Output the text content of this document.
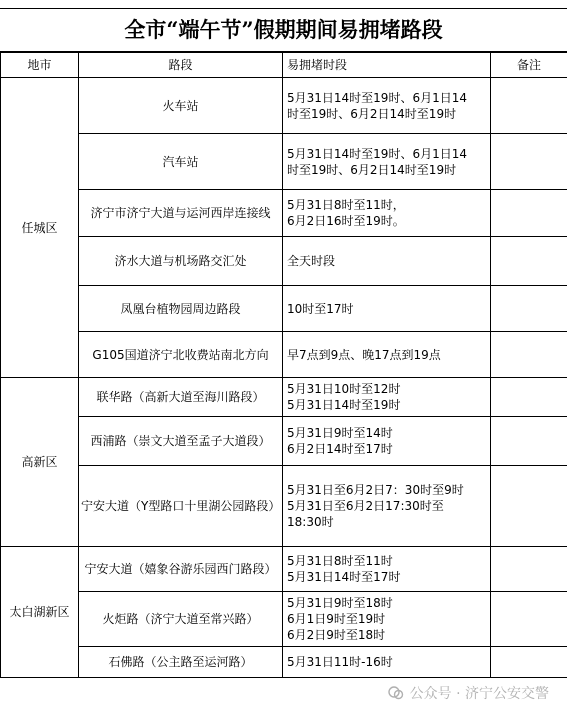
全市“端午节”假期期间易拥堵路段
地市	路段	易拥堵时段	备注
任城区	火车站	5月31日14时至19时、6月1日14
时至19时、6月2日14时至19时	

	汽车站	5月31日14时至19时、6月1日14
时至19时、6月2日14时至19时	

	济宁市济宁大道与运河西岸连接线	5月31日8时至11时，
6月2日16时至19时。	

	济水大道与机场路交汇处	全天时段	

	凤凰台植物园周边路段	10时至17时	

	G105国道济宁北收费站南北方向	早7点到9点、晚17点到19点	

高新区	联华路（高新大道至海川路段）	5月31日10时至12时
5月31日14时至19时	

	西浦路（崇文大道至孟子大道段）	5月31日9时至14时
6月2日14时至17时	

	宁安大道（Y型路口十里湖公园路段）	5月31日至6月2日7：30时至9时
5月31日至6月2日17:30时至
18:30时	

太白湖新区	宁安大道（嬉象谷游乐园西门路段）	5月31日8时至11时
5月31日14时至17时	

	火炬路（济宁大道至常兴路）	5月31日9时至18时
6月1日9时至19时
6月2日9时至18时	

	石佛路（公主路至运河路）	5月31日11时-16时	

公众号 · 济宁公安交警
